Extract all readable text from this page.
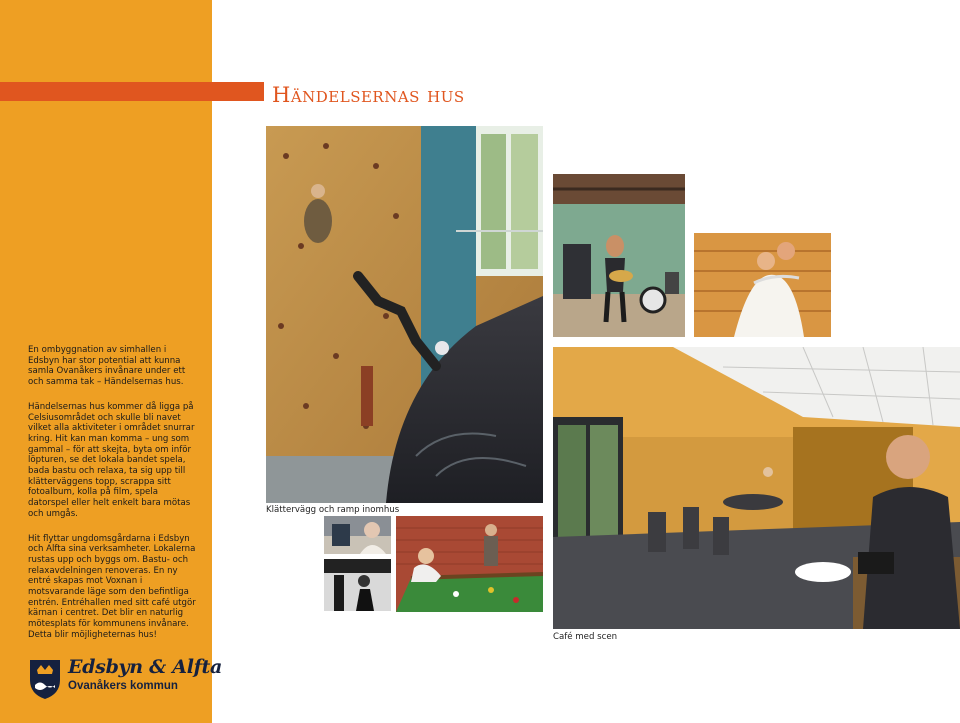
Händelsernas hus

En ombyggnation av simhallen i Edsbyn har stor potential att kunna samla Ovanåkers invånare under ett och samma tak – Händelsernas hus.

Händelsernas hus kommer då ligga på Celsiusområdet och skulle bli navet vilket alla aktiviteter i området snurrar kring. Hit kan man komma – ung som gammal – för att skejta, byta om inför löpturen, se det lokala bandet spela, bada bastu och relaxa, ta sig upp till klätterväggens topp, scrappa sitt fotoalbum, kolla på film, spela datorspel eller helt enkelt bara mötas och umgås.

Hit flyttar ungdomsgårdarna i Edsbyn och Alfta sina verksamheter. Lokalerna rustas upp och byggs om. Bastu- och relaxavdelningen renoveras. En ny entré skapas mot Voxnan i motsvarande läge som den befintliga entrén. Entréhallen med sitt café utgör kärnan i centret. Det blir en naturlig mötesplats för kommunens invånare. Detta blir möjligheternas hus!

Edsbyn & Alfta
Ovanåkers kommun
Klättervägg och ramp inomhus
Café med scen
